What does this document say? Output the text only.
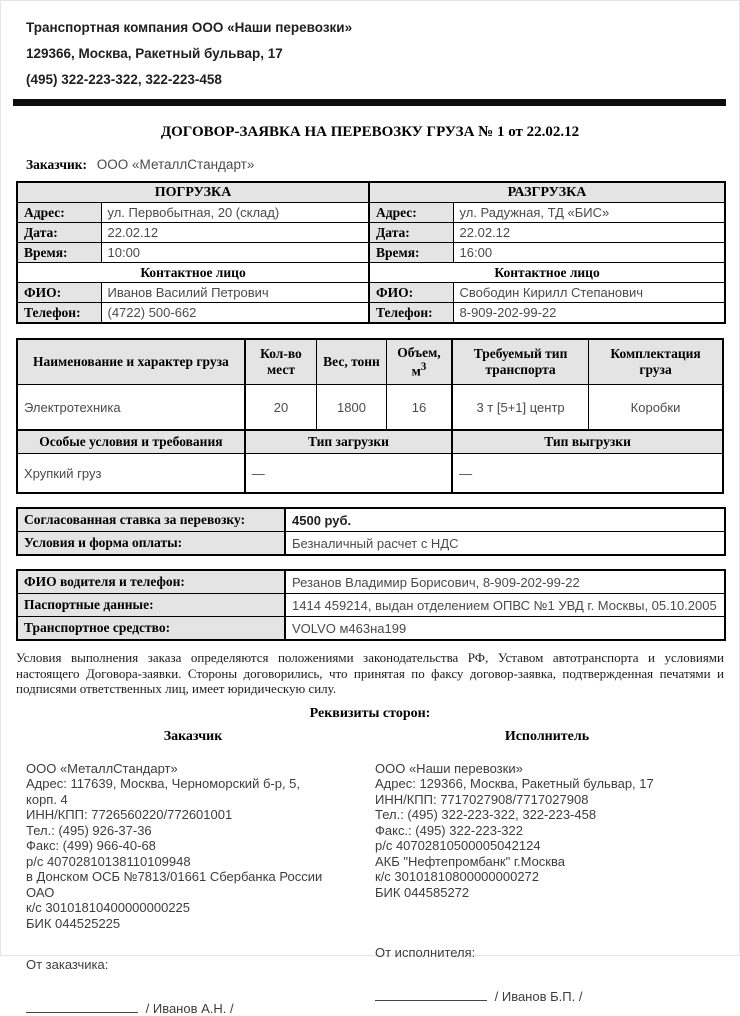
Транспортная компания ООО «Наши перевозки»
129366, Москва, Ракетный бульвар, 17
(495) 322-223-322, 322-223-458
ДОГОВОР-ЗАЯВКА НА ПЕРЕВОЗКУ ГРУЗА № 1 от 22.02.12
Заказчик: ООО «МеталлСтандарт»
ПОГРУЗКА		РАЗГРУЗКА	
Адрес:	ул. Первобытная, 20 (склад)	Адрес:	ул. Радужная, ТД «БИС»
Дата:	22.02.12	Дата:	22.02.12
Время:	10:00	Время:	16:00
Контактное лицо		Контактное лицо	
ФИО:	Иванов Василий Петрович	ФИО:	Свободин Кирилл Степанович
Телефон:	(4722) 500-662	Телефон:	8-909-202-99-22
Наименование и характер груза	Кол-во мест	Вес, тонн	Объем, $м^3$	Требуемый тип транспорта	Комплектация груза
Электротехника	20	1800	16	3 т [5+1] центр	Коробки
Особые условия и требования	Тип загрузки			Тип выгрузки	
Хрупкий груз	—			—	
Согласованная ставка за перевозку:	4500 руб.
Условия и форма оплаты:	Безналичный расчет с НДС
ФИО водителя и телефон:	Резанов Владимир Борисович, 8-909-202-99-22
Паспортные данные:	1414 459214, выдан отделением ОПВС №1 УВД г. Москвы, 05.10.2005
Транспортное средство:	VOLVO м463на199
Условия выполнения заказа определяются положениями законодательства РФ, Уставом автотранспорта и условиями настоящего Договора-заявки. Стороны договорились, что принятая по факсу договор-заявка, подтвержденная печатями и подписями ответственных лиц, имеет юридическую силу.
Реквизиты сторон:
Заказчик	Исполнитель
ООО «МеталлСтандарт»
Адрес: 117639, Москва, Черноморский б-р, 5, корп. 4
ИНН/КПП: 7726560220/772601001
Тел.: (495) 926-37-36
Факс: (499) 966-40-68
р/с 40702810138110109948
в Донском ОСБ №7813/01661 Сбербанка России ОАО
к/с 30101810400000000225
БИК 044525225
От заказчика:
/ Иванов А.Н. /
ООО «Наши перевозки»
Адрес: 129366, Москва, Ракетный бульвар, 17
ИНН/КПП: 7717027908/7717027908
Тел.: (495) 322-223-322, 322-223-458
Факс.: (495) 322-223-322
р/с 40702810500005042124
АКБ "Нефтепромбанк" г.Москва
к/с 30101810800000000272
БИК 044585272
От исполнителя:
/ Иванов Б.П. /
